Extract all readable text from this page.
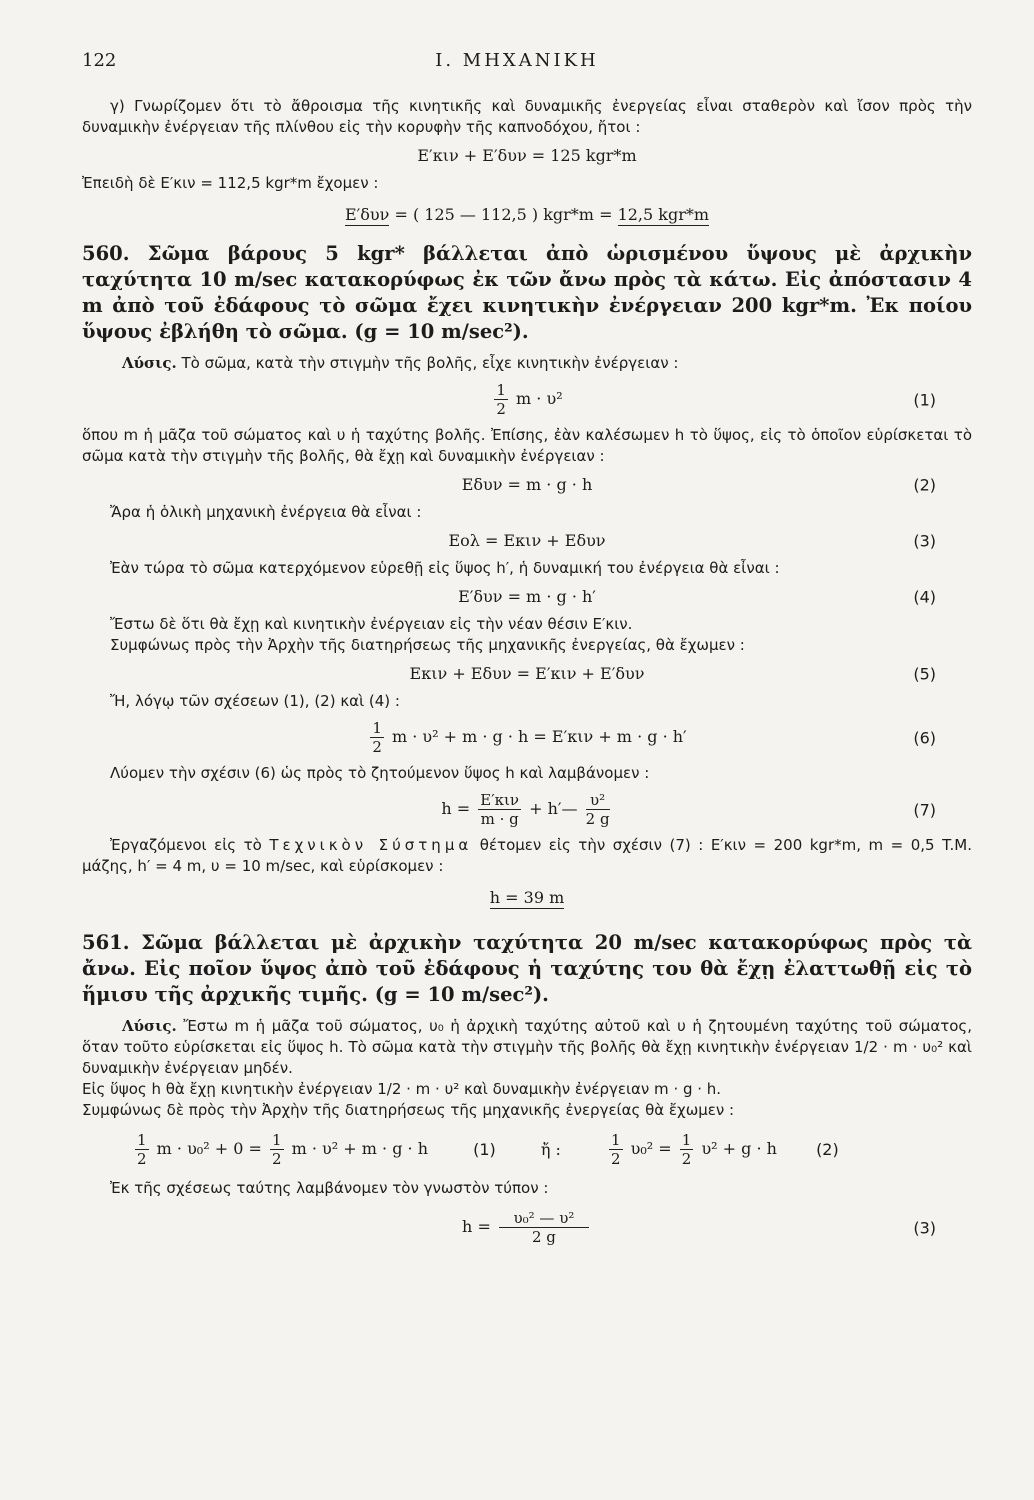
122	Ι. ΜΗΧΑΝΙΚΗ

γ) Γνωρίζομεν ὅτι τὸ ἄθροισμα τῆς κινητικῆς καὶ δυναμικῆς ἐνεργείας εἶναι σταθερὸν καὶ ἴσον πρὸς τὴν δυναμικὴν ἐνέργειαν τῆς πλίνθου εἰς τὴν κορυφὴν τῆς καπνοδόχου, ἤτοι :

E′κιν + E′δυν = 125 kgr*m

Ἐπειδὴ δὲ E′κιν = 112,5 kgr*m ἔχομεν :

E′δυν = ( 125 — 112,5 ) kgr*m = 12,5 kgr*m

560. Σῶμα βάρους 5 kgr* βάλλεται ἀπὸ ὡρισμένου ὕψους μὲ ἀρχικὴν ταχύτητα 10 m/sec κατακορύφως ἐκ τῶν ἄνω πρὸς τὰ κάτω. Εἰς ἀπόστασιν 4 m ἀπὸ τοῦ ἐδάφους τὸ σῶμα ἔχει κινητικὴν ἐνέργειαν 200 kgr*m. Ἐκ ποίου ὕψους ἐβλήθη τὸ σῶμα. (g = 10 m/sec²).

Λύσις. Τὸ σῶμα, κατὰ τὴν στιγμὴν τῆς βολῆς, εἶχε κινητικὴν ἐνέργειαν :

$\frac{1}{2}$ m · υ²	(1)

ὅπου m ἡ μᾶζα τοῦ σώματος καὶ υ ἡ ταχύτης βολῆς. Ἐπίσης, ἐὰν καλέσωμεν h τὸ ὕψος, εἰς τὸ ὁποῖον εὑρίσκεται τὸ σῶμα κατὰ τὴν στιγμὴν τῆς βολῆς, θὰ ἔχῃ καὶ δυναμικὴν ἐνέργειαν :

Eδυν = m · g · h	(2)

Ἄρα ἡ ὁλικὴ μηχανικὴ ἐνέργεια θὰ εἶναι :

Eολ = Eκιν + Eδυν	(3)

Ἐὰν τώρα τὸ σῶμα κατερχόμενον εὑρεθῇ εἰς ὕψος h′, ἡ δυναμική του ἐνέργεια θὰ εἶναι :

E′δυν = m · g · h′	(4)

Ἔστω δὲ ὅτι θὰ ἔχῃ καὶ κινητικὴν ἐνέργειαν εἰς τὴν νέαν θέσιν E′κιν.

Συμφώνως πρὸς τὴν Ἀρχὴν τῆς διατηρήσεως τῆς μηχανικῆς ἐνεργείας, θὰ ἔχωμεν :

Eκιν + Eδυν = E′κιν + E′δυν	(5)

Ἤ, λόγῳ τῶν σχέσεων (1), (2) καὶ (4) :

$\frac{1}{2}$ m · υ² + m · g · h = E′κιν + m · g · h′	(6)

Λύομεν τὴν σχέσιν (6) ὡς πρὸς τὸ ζητούμενον ὕψος h καὶ λαμβάνομεν :

$h = \frac{\text{E′κιν}}{m \cdot g}$ + h′— $\frac{\text{υ²}}{2 g}$	(7)

Ἐργαζόμενοι εἰς τὸ Τεχνικὸν Σύστημα θέτομεν εἰς τὴν σχέσιν (7) : E′κιν = 200 kgr*m, m = 0,5 T.M. μάζης, h′ = 4 m, υ = 10 m/sec, καὶ εὑρίσκομεν :

h = 39 m

561. Σῶμα βάλλεται μὲ ἀρχικὴν ταχύτητα 20 m/sec κατακορύφως πρὸς τὰ ἄνω. Εἰς ποῖον ὕψος ἀπὸ τοῦ ἐδάφους ἡ ταχύτης του θὰ ἔχῃ ἐλαττωθῇ εἰς τὸ ἥμισυ τῆς ἀρχικῆς τιμῆς. (g = 10 m/sec²).

Λύσις. Ἔστω m ἡ μᾶζα τοῦ σώματος, υ₀ ἡ ἀρχικὴ ταχύτης αὐτοῦ καὶ υ ἡ ζητουμένη ταχύτης τοῦ σώματος, ὅταν τοῦτο εὑρίσκεται εἰς ὕψος h. Τὸ σῶμα κατὰ τὴν στιγμὴν τῆς βολῆς θὰ ἔχῃ κινητικὴν ἐνέργειαν 1/2 · m · υ₀² καὶ δυναμικὴν ἐνέργειαν μηδέν.

Εἰς ὕψος h θὰ ἔχῃ κινητικὴν ἐνέργειαν 1/2 · m · υ² καὶ δυναμικὴν ἐνέργειαν m · g · h.

Συμφώνως δὲ πρὸς τὴν Ἀρχὴν τῆς διατηρήσεως τῆς μηχανικῆς ἐνεργείας θὰ ἔχωμεν :

$\frac{1}{2}$ $m \cdot \upsilon_0^2 + 0 = \frac{1}{2}$ m · υ² + m · g · h	(1)	ἤ :	$\frac{1}{2} \upsilon_0^2 = \frac{1}{2} \upsilon^2 + g \cdot h$ (2)

Ἐκ τῆς σχέσεως ταύτης λαμβάνομεν τὸν γνωστὸν τύπον :

$h = \frac{\text{υ₀² — υ²}}{2 g}$	(3)
